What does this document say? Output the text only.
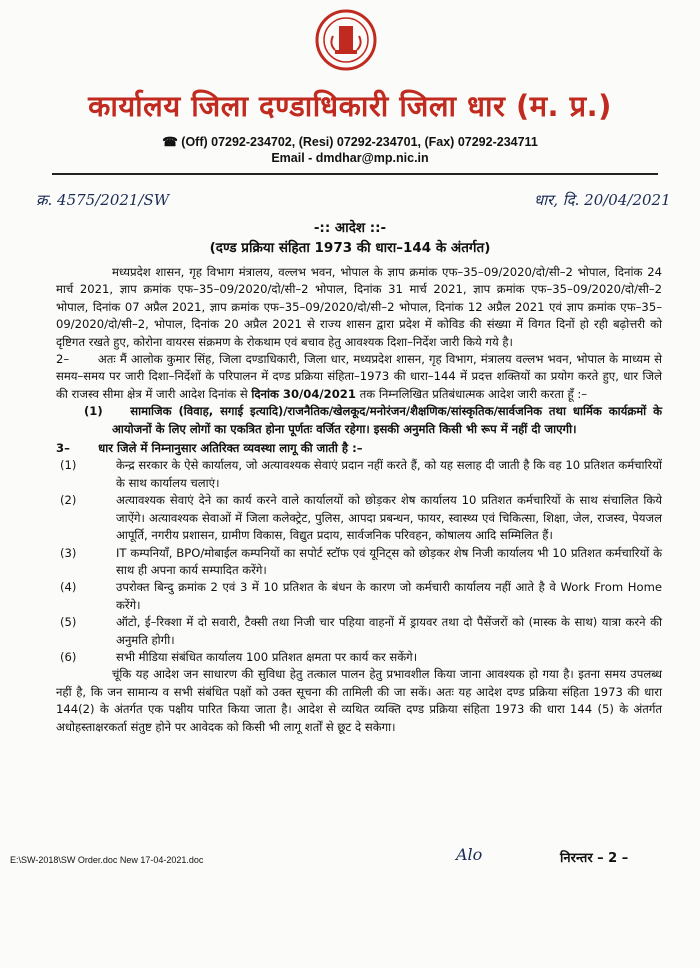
कार्यालय जिला दण्डाधिकारी जिला धार (म. प्र.)
☎ (Off) 07292-234702, (Resi) 07292-234701, (Fax) 07292-234711
Email - dmdhar@mp.nic.in
क्र. 4575/2021/SW	धार, दि. 20/04/2021
-:: आदेश ::-
(दण्ड प्रक्रिया संहिता 1973 की धारा–144 के अंतर्गत)

मध्यप्रदेश शासन, गृह विभाग मंत्रालय, वल्लभ भवन, भोपाल के ज्ञाप क्रमांक एफ–35–09/2020/दो/सी–2 भोपाल, दिनांक 24 मार्च 2021, ज्ञाप क्रमांक एफ–35–09/2020/दो/सी–2 भोपाल, दिनांक 31 मार्च 2021, ज्ञाप क्रमांक एफ–35–09/2020/दो/सी–2 भोपाल, दिनांक 07 अप्रैल 2021, ज्ञाप क्रमांक एफ–35–09/2020/दो/सी–2 भोपाल, दिनांक 12 अप्रैल 2021 एवं ज्ञाप क्रमांक एफ–35–09/2020/दो/सी–2, भोपाल, दिनांक 20 अप्रैल 2021 से राज्य शासन द्वारा प्रदेश में कोविड की संख्या में विगत दिनों हो रही बढ़ोत्तरी को दृष्टिगत रखते हुए, कोरोना वायरस संक्रमण के रोकथाम एवं बचाव हेतु आवश्यक दिशा–निर्देश जारी किये गये है।

2– अतः मैं आलोक कुमार सिंह, जिला दण्डाधिकारी, जिला धार, मध्यप्रदेश शासन, गृह विभाग, मंत्रालय वल्लभ भवन, भोपाल के माध्यम से समय–समय पर जारी दिशा–निर्देशों के परिपालन में दण्ड प्रक्रिया संहिता–1973 की धारा–144 में प्रदत्त शक्तियों का प्रयोग करते हुए, धार जिले की राजस्व सीमा क्षेत्र में जारी आदेश दिनांक से दिनांक 30/04/2021 तक निम्नलिखित प्रतिबंधात्मक आदेश जारी करता हूँ :–

(1) सामाजिक (विवाह, सगाई इत्यादि)/राजनैतिक/खेलकूद/मनोरंजन/शैक्षणिक/सांस्कृतिक/सार्वजनिक तथा धार्मिक कार्यक्रमों के आयोजनों के लिए लोगों का एकत्रित होना पूर्णतः वर्जित रहेगा। इसकी अनुमति किसी भी रूप में नहीं दी जाएगी।

3– धार जिले में निम्नानुसार अतिरिक्त व्यवस्था लागू की जाती है :–

(1)	केन्द्र सरकार के ऐसे कार्यालय, जो अत्यावश्यक सेवाएं प्रदान नहीं करते हैं, को यह सलाह दी जाती है कि वह 10 प्रतिशत कर्मचारियों के साथ कार्यालय चलाएं।
(2)	अत्यावश्यक सेवाएं देने का कार्य करने वाले कार्यालयों को छोड़कर शेष कार्यालय 10 प्रतिशत कर्मचारियों के साथ संचालित किये जाऐंगे। अत्यावश्यक सेवाओं में जिला कलेक्ट्रेट, पुलिस, आपदा प्रबन्धन, फायर, स्वास्थ्य एवं चिकित्सा, शिक्षा, जेल, राजस्व, पेयजल आपूर्ति, नगरीय प्रशासन, ग्रामीण विकास, विद्युत प्रदाय, सार्वजनिक परिवहन, कोषालय आदि सम्मिलित हैं।
(3)	IT कम्पनियाँ, BPO/मोबाईल कम्पनियों का सपोर्ट स्टॉफ एवं यूनिट्स को छोड़कर शेष निजी कार्यालय भी 10 प्रतिशत कर्मचारियों के साथ ही अपना कार्य सम्पादित करेंगे।
(4)	उपरोक्त बिन्दु क्रमांक 2 एवं 3 में 10 प्रतिशत के बंधन के कारण जो कर्मचारी कार्यालय नहीं आते है वे Work From Home करेंगे।
(5)	ऑटो, ई–रिक्शा में दो सवारी, टैक्सी तथा निजी चार पहिया वाहनों में ड्रायवर तथा दो पैसेंजरों को (मास्क के साथ) यात्रा करने की अनुमति होगी।
(6)	सभी मीडिया संबंधित कार्यालय 100 प्रतिशत क्षमता पर कार्य कर सकेंगे।

चूंकि यह आदेश जन साधारण की सुविधा हेतु तत्काल पालन हेतु प्रभावशील किया जाना आवश्यक हो गया है। इतना समय उपलब्ध नहीं है, कि जन सामान्य व सभी संबंधित पक्षों को उक्त सूचना की तामिली की जा सकें। अतः यह आदेश दण्ड प्रक्रिया संहिता 1973 की धारा 144(2) के अंतर्गत एक पक्षीय पारित किया जाता है। आदेश से व्यथित व्यक्ति दण्ड प्रक्रिया संहिता 1973 की धारा 144 (5) के अंतर्गत अधोहस्ताक्षरकर्ता संतुष्ट होने पर आवेदक को किसी भी लागू शर्तों से छूट दे सकेगा।

E:\SW-2018\SW Order.doc New 17-04-2021.doc	Alo	निरन्तर – 2 –
